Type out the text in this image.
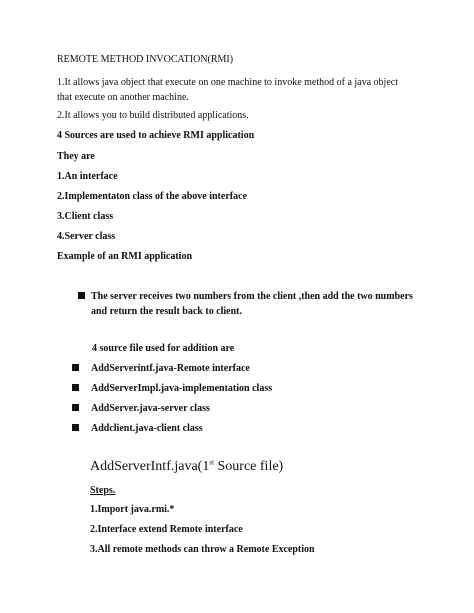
REMOTE METHOD INVOCATION(RMI)
1.It allows java object that execute on one machine to invoke method of a java object that execute on another machine.
2.It allows you to build distributed applications.
4 Sources are used to achieve RMI application
They are
1.An interface
2.Implementaton class of the above interface
3.Client class
4.Server class
Example of an RMI application
The server receives two numbers from the client ,then add the two numbers and return the result back to client.
4 source file used for addition are
AddServerintf.java-Remote interface
AddServerImpl.java-implementation class
AddServer.java-server class
Addclient.java-client class
AddServerIntf.java(1st Source file)
Steps.
1.Import java.rmi.*
2.Interface extend Remote interface
3.All remote methods can throw a Remote Exception
